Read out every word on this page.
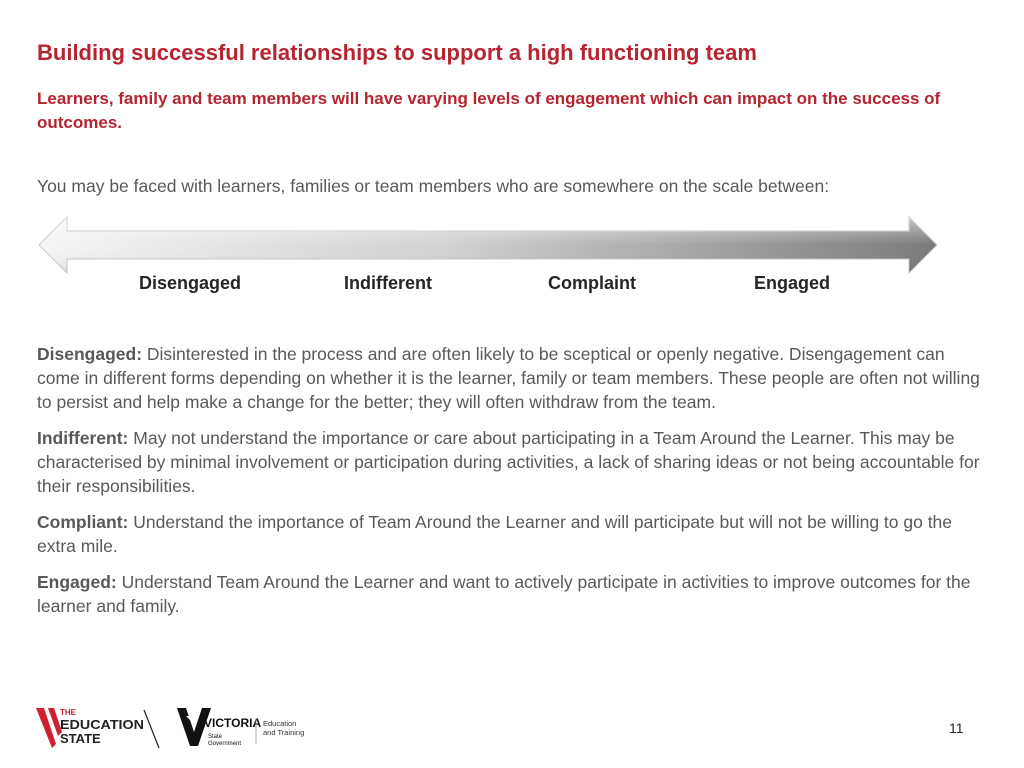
Building successful relationships to support a high functioning team

Learners, family and team members will have varying levels of engagement which can impact on the success of outcomes.

You may be faced with learners, families or team members who are somewhere on the scale between:

Disengaged	Indifferent	Complaint	Engaged

Disengaged: Disinterested in the process and are often likely to be sceptical or openly negative. Disengagement can come in different forms depending on whether it is the learner, family or team members. These people are often not willing to persist and help make a change for the better; they will often withdraw from the team.

Indifferent: May not understand the importance or care about participating in a Team Around the Learner. This may be characterised by minimal involvement or participation during activities, a lack of sharing ideas or not being accountable for their responsibilities.

Compliant: Understand the importance of Team Around the Learner and will participate but will not be willing to go the extra mile.

Engaged: Understand Team Around the Learner and want to actively participate in activities to improve outcomes for the learner and family.

THE
EDUCATION
STATE
VICTORIA
State
Government
Education
and Training	11
